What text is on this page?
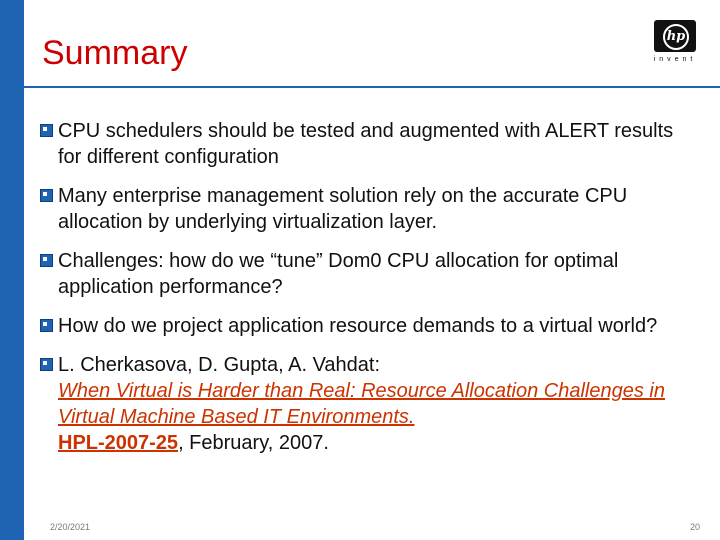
Summary	hp
invent
CPU schedulers should be tested and augmented with ALERT results for different configuration
Many enterprise management solution rely on the accurate CPU allocation by underlying virtualization layer.
Challenges: how do we “tune” Dom0 CPU allocation for optimal application performance?
How do we project application resource demands to a virtual world?
L. Cherkasova, D. Gupta, A. Vahdat:
When Virtual is Harder than Real: Resource Allocation Challenges in Virtual Machine Based IT Environments.
HPL-2007-25, February, 2007.
2/20/2021	20
